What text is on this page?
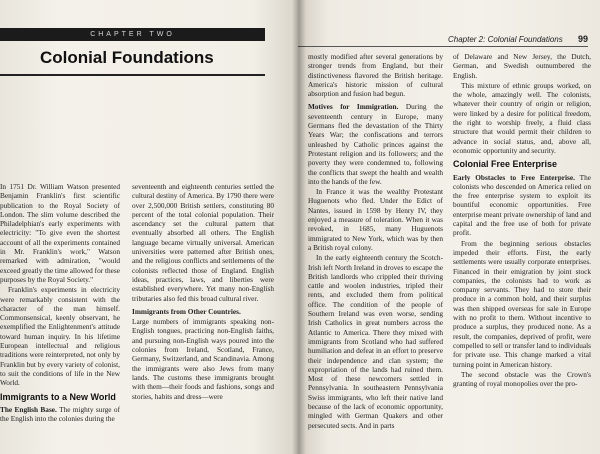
CHAPTER TWO
Colonial Foundations

In 1751 Dr. William Watson presented Benjamin Franklin's first scientific publication to the Royal Society of London. The slim volume described the Philadelphian's early experiments with electricity: "To give even the shortest account of all the experiments contained in Mr. Franklin's work," Watson remarked with admiration, "would exceed greatly the time allowed for these purposes by the Royal Society."

Franklin's experiments in electricity were remarkably consistent with the character of the man himself. Commonsensical, keenly observant, he exemplified the Enlightenment's attitude toward human inquiry. In his lifetime European intellectual and religious traditions were reinterpreted, not only by Franklin but by every variety of colonist, to suit the conditions of life in the New World.

Immigrants to a New World

The English Base. The mighty surge of the English into the colonies during the

seventeenth and eighteenth centuries settled the cultural destiny of America. By 1790 there were over 2,500,000 British settlers, constituting 80 percent of the total colonial population. Their ascendancy set the cultural pattern that eventually absorbed all others. The English language became virtually universal. American universities were patterned after British ones, and the religious conflicts and settlements of the colonists reflected those of England. English ideas, practices, laws, and liberties were established everywhere. Yet many non-English tributaries also fed this broad cultural river.

Immigrants from Other Countries.

Large numbers of immigrants speaking non-English tongues, practicing non-English faiths, and pursuing non-English ways poured into the colonies from Ireland, Scotland, France, Germany, Switzerland, and Scandinavia. Among the immigrants were also Jews from many lands. The customs these immigrants brought with them—their foods and fashions, songs and stories, habits and dress—were

Chapter 2: Colonial Foundations 99

mostly modified after several generations by stronger trends from England, but their distinctiveness flavored the British heritage. America's historic mission of cultural absorption and fusion had begun.

Motives for Immigration. During the seventeenth century in Europe, many Germans fled the devastation of the Thirty Years War; the confiscations and terrors unleashed by Catholic princes against the Protestant religion and its followers; and the poverty they were condemned to, following the conflicts that swept the health and wealth into the hands of the few.

In France it was the wealthy Protestant Huguenots who fled. Under the Edict of Nantes, issued in 1598 by Henry IV, they enjoyed a measure of toleration. When it was revoked, in 1685, many Huguenots immigrated to New York, which was by then a British royal colony.

In the early eighteenth century the Scotch-Irish left North Ireland in droves to escape the British landlords who crippled their thriving cattle and woolen industries, tripled their rents, and excluded them from political office. The condition of the people of Southern Ireland was even worse, sending Irish Catholics in great numbers across the Atlantic to America. There they mixed with immigrants from Scotland who had suffered humiliation and defeat in an effort to preserve their independence and clan system; the expropriation of the lands had ruined them. Most of these newcomers settled in Pennsylvania. In southeastern Pennsylvania Swiss immigrants, who left their native land because of the lack of economic opportunity, mingled with German Quakers and other persecuted sects. And in parts

of Delaware and New Jersey, the Dutch, German, and Swedish outnumbered the English.

This mixture of ethnic groups worked, on the whole, amazingly well. The colonists, whatever their country of origin or religion, were linked by a desire for political freedom, the right to worship freely, a fluid class structure that would permit their children to advance in social status, and, above all, economic opportunity and security.

Colonial Free Enterprise

Early Obstacles to Free Enterprise. The colonists who descended on America relied on the free enterprise system to exploit its bountiful economic opportunities. Free enterprise meant private ownership of land and capital and the free use of both for private profit.

From the beginning serious obstacles impeded their efforts. First, the early settlements were usually corporate enterprises. Financed in their emigration by joint stock companies, the colonists had to work as company servants. They had to store their produce in a common hold, and their surplus was then shipped overseas for sale in Europe with no profit to them. Without incentive to produce a surplus, they produced none. As a result, the companies, deprived of profit, were compelled to sell or transfer land to individuals for private use. This change marked a vital turning point in American history.

The second obstacle was the Crown's granting of royal monopolies over the pro-
